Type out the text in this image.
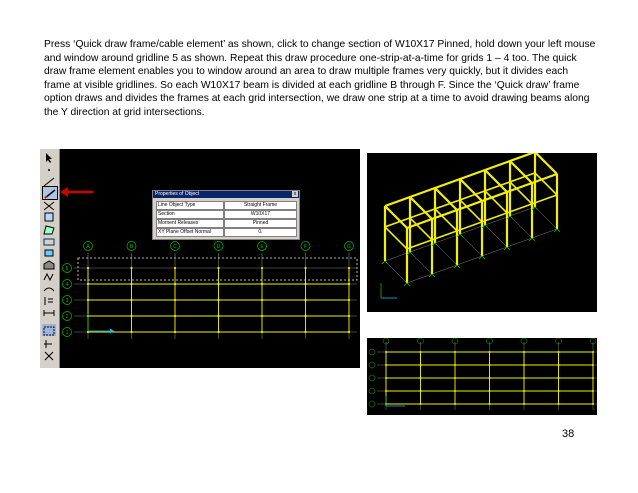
Press ‘Quick draw frame/cable element’ as shown, click to change section of W10X17 Pinned, hold down your left mouse and window around gridline 5 as shown. Repeat this draw procedure one-strip-at-a-time for grids 1 – 4 too. The quick draw frame element enables you to window around an area to draw multiple frames very quickly, but it divides each frame at visible gridlines. So each W10X17 beam is divided at each gridline B through F. Since the ‘Quick draw’ frame option draws and divides the frames at each grid intersection, we draw one strip at a time to avoid drawing beams along the Y direction at grid intersections.

A	B	C	D	E	F	G
5
4
3
2
1
Properties of Object	x
Line Object Type	Straight Frame
Section	W10X17
Moment Releases	Pinned
XY Plane Offset Normal	0.
38
